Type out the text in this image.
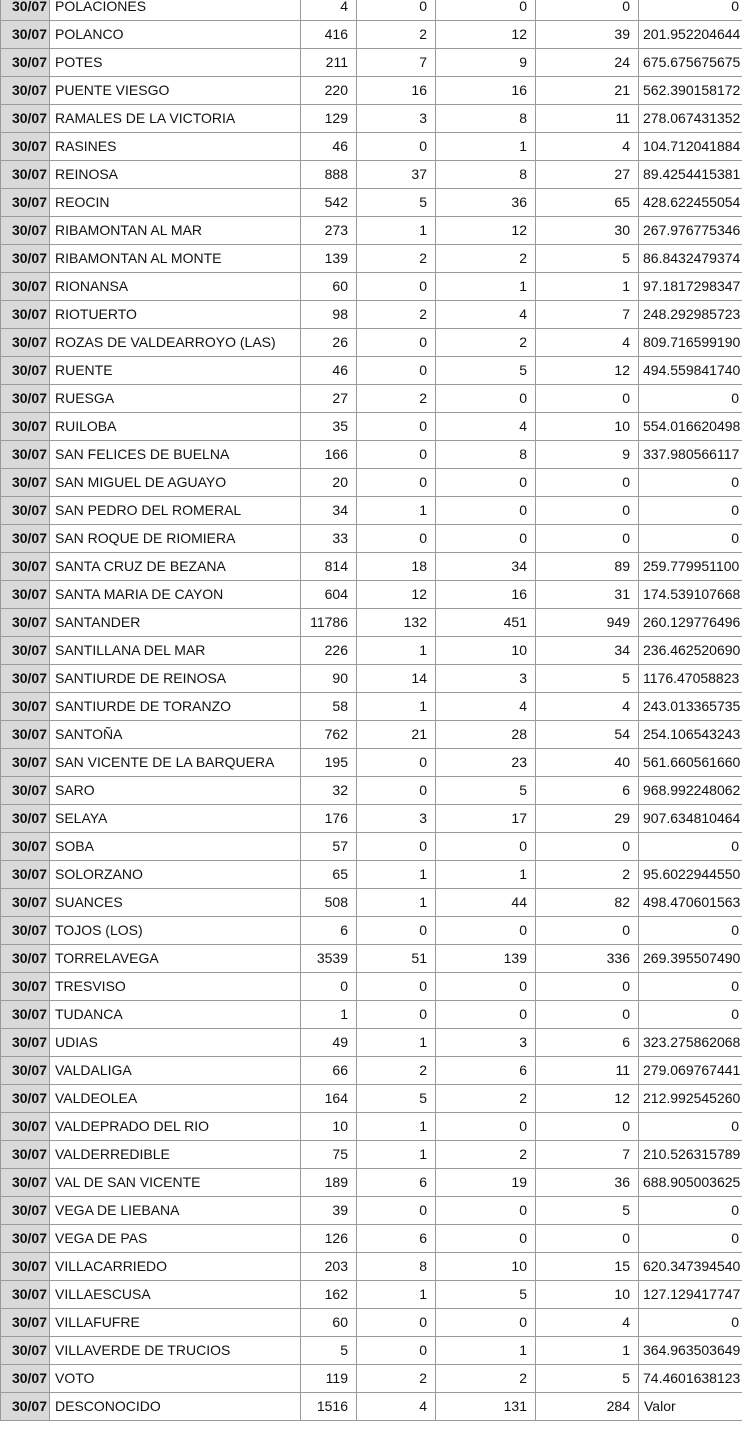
30/07	POLACIONES	4	0	0	0	0
30/07	POLANCO	416	2	12	39	201.952204644
30/07	POTES	211	7	9	24	675.675675675
30/07	PUENTE VIESGO	220	16	16	21	562.390158172
30/07	RAMALES DE LA VICTORIA	129	3	8	11	278.067431352
30/07	RASINES	46	0	1	4	104.712041884
30/07	REINOSA	888	37	8	27	89.4254415381
30/07	REOCIN	542	5	36	65	428.622455054
30/07	RIBAMONTAN AL MAR	273	1	12	30	267.976775346
30/07	RIBAMONTAN AL MONTE	139	2	2	5	86.8432479374
30/07	RIONANSA	60	0	1	1	97.1817298347
30/07	RIOTUERTO	98	2	4	7	248.292985723
30/07	ROZAS DE VALDEARROYO (LAS)	26	0	2	4	809.716599190
30/07	RUENTE	46	0	5	12	494.559841740
30/07	RUESGA	27	2	0	0	0
30/07	RUILOBA	35	0	4	10	554.016620498
30/07	SAN FELICES DE BUELNA	166	0	8	9	337.980566117
30/07	SAN MIGUEL DE AGUAYO	20	0	0	0	0
30/07	SAN PEDRO DEL ROMERAL	34	1	0	0	0
30/07	SAN ROQUE DE RIOMIERA	33	0	0	0	0
30/07	SANTA CRUZ DE BEZANA	814	18	34	89	259.779951100
30/07	SANTA MARIA DE CAYON	604	12	16	31	174.539107668
30/07	SANTANDER	11786	132	451	949	260.129776496
30/07	SANTILLANA DEL MAR	226	1	10	34	236.462520690
30/07	SANTIURDE DE REINOSA	90	14	3	5	1176.47058823
30/07	SANTIURDE DE TORANZO	58	1	4	4	243.013365735
30/07	SANTOÑA	762	21	28	54	254.106543243
30/07	SAN VICENTE DE LA BARQUERA	195	0	23	40	561.660561660
30/07	SARO	32	0	5	6	968.992248062
30/07	SELAYA	176	3	17	29	907.634810464
30/07	SOBA	57	0	0	0	0
30/07	SOLORZANO	65	1	1	2	95.6022944550
30/07	SUANCES	508	1	44	82	498.470601563
30/07	TOJOS (LOS)	6	0	0	0	0
30/07	TORRELAVEGA	3539	51	139	336	269.395507490
30/07	TRESVISO	0	0	0	0	0
30/07	TUDANCA	1	0	0	0	0
30/07	UDIAS	49	1	3	6	323.275862068
30/07	VALDALIGA	66	2	6	11	279.069767441
30/07	VALDEOLEA	164	5	2	12	212.992545260
30/07	VALDEPRADO DEL RIO	10	1	0	0	0
30/07	VALDERREDIBLE	75	1	2	7	210.526315789
30/07	VAL DE SAN VICENTE	189	6	19	36	688.905003625
30/07	VEGA DE LIEBANA	39	0	0	5	0
30/07	VEGA DE PAS	126	6	0	0	0
30/07	VILLACARRIEDO	203	8	10	15	620.347394540
30/07	VILLAESCUSA	162	1	5	10	127.129417747
30/07	VILLAFUFRE	60	0	0	4	0
30/07	VILLAVERDE DE TRUCIOS	5	0	1	1	364.963503649
30/07	VOTO	119	2	2	5	74.4601638123
30/07	DESCONOCIDO	1516	4	131	284	Valor
